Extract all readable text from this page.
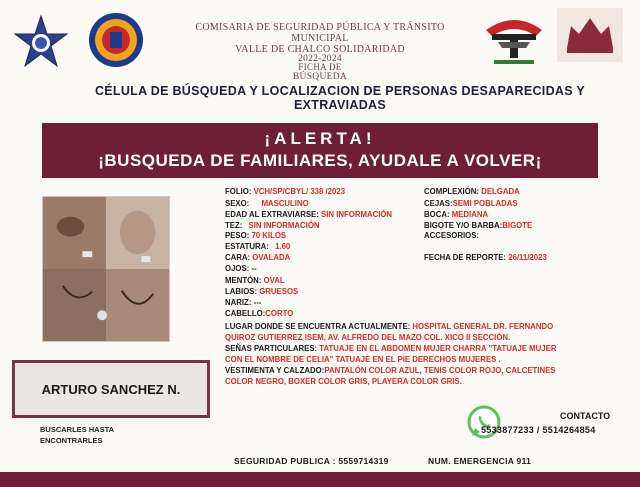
COMISARIA DE SEGURIDAD PÚBLICA Y TRÁNSITO
MUNICIPAL
VALLE DE CHALCO SOLIDARIDAD
2022-2024
FICHA DE
BÚSQUEDA
CÉLULA DE BÚSQUEDA Y LOCALIZACION DE PERSONAS DESAPARECIDAS Y
EXTRAVIADAS
¡ALERTA!
¡BUSQUEDA DE FAMILIARES, AYUDALE A VOLVER¡
ARTURO SANCHEZ N.
BUSCARLES HASTA
ENCONTRARLES
FOLIO: VCH/SP/CBYL/ 338 /2023
SEXO: MASCULINO
EDAD AL EXTRAVIARSE: SIN INFORMACIÓN
TEZ: SIN INFORMACIÓN
PESO: 70 KILOS
ESTATURA: 1.60
CARA: OVALADA
OJOS: --
MENTÓN: OVAL
LABIOS: GRUESOS
NARIZ: ---
CABELLO:CORTO
COMPLEXIÓN: DELGADA
CEJAS:SEMI POBLADAS
BOCA: MEDIANA
BIGOTE Y/O BARBA:BIGOTE
ACCESORIOS:
FECHA DE REPORTE: 26/11/2023
LUGAR DONDE SE ENCUENTRA ACTUALMENTE: HOSPITAL GENERAL DR. FERNANDO
QUIROZ GUTIERREZ ISEM, AV. ALFREDO DEL MAZO COL. XICO II SECCIÓN.
SEÑAS PARTICULARES: TATUAJE EN EL ABDOMEN MUJER CHARRA "TATUAJE MUJER
CON EL NOMBRE DE CELIA" TATUAJE EN EL PIE DERECHOS MUJERES .
VESTIMENTA Y CALZADO:PANTALÓN COLOR AZUL, TENIS COLOR ROJO, CALCETINES
COLOR NEGRO, BOXER COLOR GRIS, PLAYERA COLOR GRIS.
CONTACTO
5533877233 / 5514264854
SEGURIDAD PUBLICA : 5559714319	NUM. EMERGENCIA 911
